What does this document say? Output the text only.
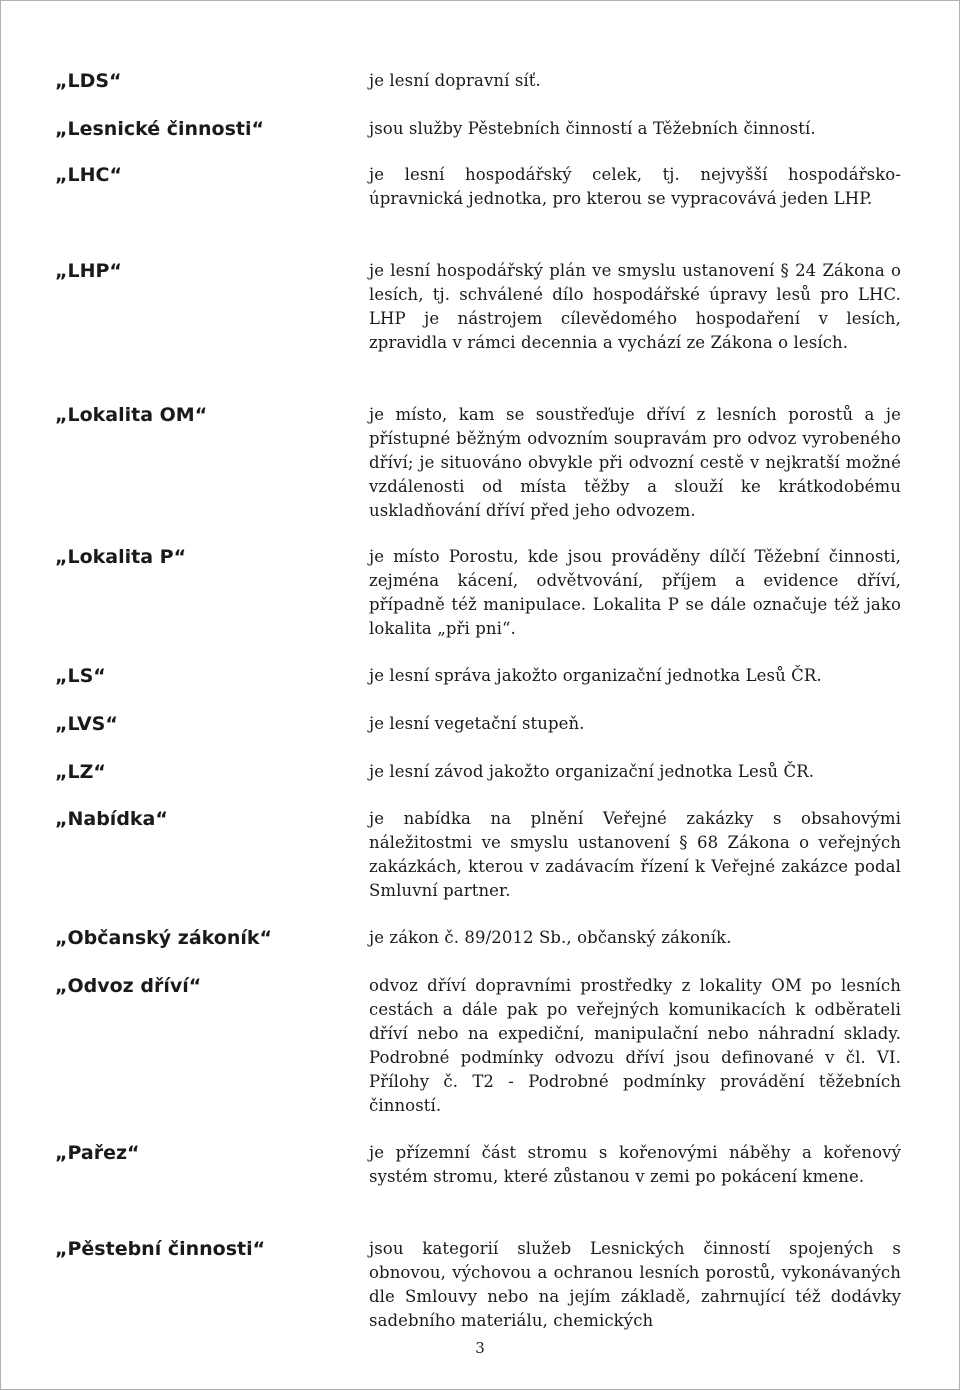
„LDS“	je lesní dopravní síť.
„Lesnické činnosti“	jsou služby Pěstebních činností a Těžebních činností.
„LHC“	je lesní hospodářský celek, tj. nejvyšší hospodářsko-úpravnická jednotka, pro kterou se vypracovává jeden LHP.
„LHP“	je lesní hospodářský plán ve smyslu ustanovení § 24 Zákona o lesích, tj. schválené dílo hospodářské úpravy lesů pro LHC. LHP je nástrojem cílevědomého hospodaření v lesích, zpravidla v rámci decennia a vychází ze Zákona o lesích.
„Lokalita OM“	je místo, kam se soustřeďuje dříví z lesních porostů a je přístupné běžným odvozním soupravám pro odvoz vyrobeného dříví; je situováno obvykle při odvozní cestě v nejkratší možné vzdálenosti od místa těžby a slouží ke krátkodobému uskladňování dříví před jeho odvozem.
„Lokalita P“	je místo Porostu, kde jsou prováděny dílčí Těžební činnosti, zejména kácení, odvětvování, příjem a evidence dříví, případně též manipulace. Lokalita P se dále označuje též jako lokalita „při pni“.
„LS“	je lesní správa jakožto organizační jednotka Lesů ČR.
„LVS“	je lesní vegetační stupeň.
„LZ“	je lesní závod jakožto organizační jednotka Lesů ČR.
„Nabídka“	je nabídka na plnění Veřejné zakázky s obsahovými náležitostmi ve smyslu ustanovení § 68 Zákona o veřejných zakázkách, kterou v zadávacím řízení k Veřejné zakázce podal Smluvní partner.
„Občanský zákoník“	je zákon č. 89/2012 Sb., občanský zákoník.
„Odvoz dříví“	odvoz dříví dopravními prostředky z lokality OM po lesních cestách a dále pak po veřejných komunikacích k odběrateli dříví nebo na expediční, manipulační nebo náhradní sklady. Podrobné podmínky odvozu dříví jsou definované v čl. VI. Přílohy č. T2 - Podrobné podmínky provádění těžebních činností.
„Pařez“	je přízemní část stromu s kořenovými náběhy a kořenový systém stromu, které zůstanou v zemi po pokácení kmene.
„Pěstební činnosti“	jsou kategorií služeb Lesnických činností spojených s obnovou, výchovou a ochranou lesních porostů, vykonávaných dle Smlouvy nebo na jejím základě, zahrnující též dodávky sadebního materiálu, chemických
3
